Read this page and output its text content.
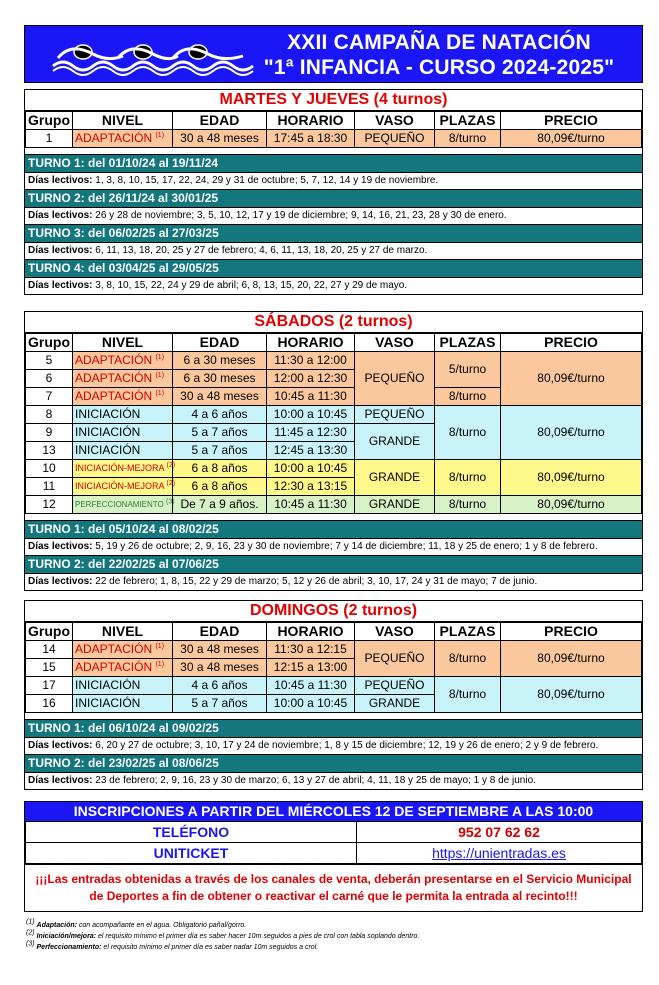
XXII CAMPAÑA DE NATACIÓN
"1ª INFANCIA - CURSO 2024-2025"
MARTES Y JUEVES (4 turnos)
Grupo	NIVEL	EDAD	HORARIO	VASO	PLAZAS	PRECIO
1	ADAPTACIÓN $^{(1)}$	30 a 48 meses	17:45 a 18:30	PEQUEÑO	8/turno	80,09€/turno
TURNO 1: del 01/10/24 al 19/11/24
Días lectivos: 1, 3, 8, 10, 15, 17, 22, 24, 29 y 31 de octubre; 5, 7, 12, 14 y 19 de noviembre.
TURNO 2: del 26/11/24 al 30/01/25
Días lectivos: 26 y 28 de noviembre; 3, 5, 10, 12, 17 y 19 de diciembre; 9, 14, 16, 21, 23, 28 y 30 de enero.
TURNO 3: del 06/02/25 al 27/03/25
Días lectivos: 6, 11, 13, 18, 20, 25 y 27 de febrero; 4, 6, 11, 13, 18, 20, 25 y 27 de marzo.
TURNO 4: del 03/04/25 al 29/05/25
Días lectivos: 3, 8, 10, 15, 22, 24 y 29 de abril; 6, 8, 13, 15, 20, 22, 27 y 29 de mayo.
SÁBADOS (2 turnos)
Grupo	NIVEL	EDAD	HORARIO	VASO	PLAZAS	PRECIO
5	ADAPTACIÓN $^{(1)}$	6 a 30 meses	11:30 a 12:00	PEQUEÑO	5/turno	80,09€/turno
6	ADAPTACIÓN $^{(1)}$	6 a 30 meses	12:00 a 12:30			
7	ADAPTACIÓN $^{(1)}$	30 a 48 meses	10:45 a 11:30		8/turno	
8	INICIACIÓN	4 a 6 años	10:00 a 10:45	PEQUEÑO	8/turno	80,09€/turno
9	INICIACIÓN	5 a 7 años	11:45 a 12:30	GRANDE		
13	INICIACIÓN	5 a 7 años	12:45 a 13:30			
10	INICIACIÓN-MEJORA $^{(2)}$	6 a 8 años	10:00 a 10:45	GRANDE	8/turno	80,09€/turno
11	INICIACIÓN-MEJORA $^{(2)}$	6 a 8 años	12:30 a 13:15			
12	PERFECCIONAMIENTO $^{(3)}$	De 7 a 9 años.	10:45 a 11:30	GRANDE	8/turno	80,09€/turno
TURNO 1: del 05/10/24 al 08/02/25
Días lectivos: 5, 19 y 26 de octubre; 2, 9, 16, 23 y 30 de noviembre; 7 y 14 de diciembre; 11, 18 y 25 de enero; 1 y 8 de febrero.
TURNO 2: del 22/02/25 al 07/06/25
Días lectivos: 22 de febrero; 1, 8, 15, 22 y 29 de marzo; 5, 12 y 26 de abril; 3, 10, 17, 24 y 31 de mayo; 7 de junio.
DOMINGOS (2 turnos)
Grupo	NIVEL	EDAD	HORARIO	VASO	PLAZAS	PRECIO
14	ADAPTACIÓN $^{(1)}$	30 a 48 meses	11:30 a 12:15	PEQUEÑO	8/turno	80,09€/turno
15	ADAPTACIÓN $^{(1)}$	30 a 48 meses	12:15 a 13:00			
17	INICIACIÓN	4 a 6 años	10:45 a 11:30	PEQUEÑO	8/turno	80,09€/turno
16	INICIACIÓN	5 a 7 años	10:00 a 10:45	GRANDE		
TURNO 1: del 06/10/24 al 09/02/25
Días lectivos: 6, 20 y 27 de octubre; 3, 10, 17 y 24 de noviembre; 1, 8 y 15 de diciembre; 12, 19 y 26 de enero; 2 y 9 de febrero.
TURNO 2: del 23/02/25 al 08/06/25
Días lectivos: 23 de febrero; 2, 9, 16, 23 y 30 de marzo; 6, 13 y 27 de abril; 4, 11, 18 y 25 de mayo; 1 y 8 de junio.
INSCRIPCIONES A PARTIR DEL MIÉRCOLES 12 DE SEPTIEMBRE A LAS 10:00
TELÉFONO	952 07 62 62
UNITICKET	https://unientradas.es
¡¡¡Las entradas obtenidas a través de los canales de venta, deberán presentarse en el Servicio Municipal de Deportes a fin de obtener o reactivar el carné que le permita la entrada al recinto!!!
$^{(1)}$ Adaptación: con acompañante en el agua. Obligatorio pañal/gorro.
$^{(2)}$ Iniciación/mejora: el requisito mínimo el primer día es saber hacer 10m seguidos a pies de crol con tabla soplando dentro.
$^{(3)}$ Perfeccionamiento: el requisito mínimo el primer día es saber nadar 10m seguidos a crol.
